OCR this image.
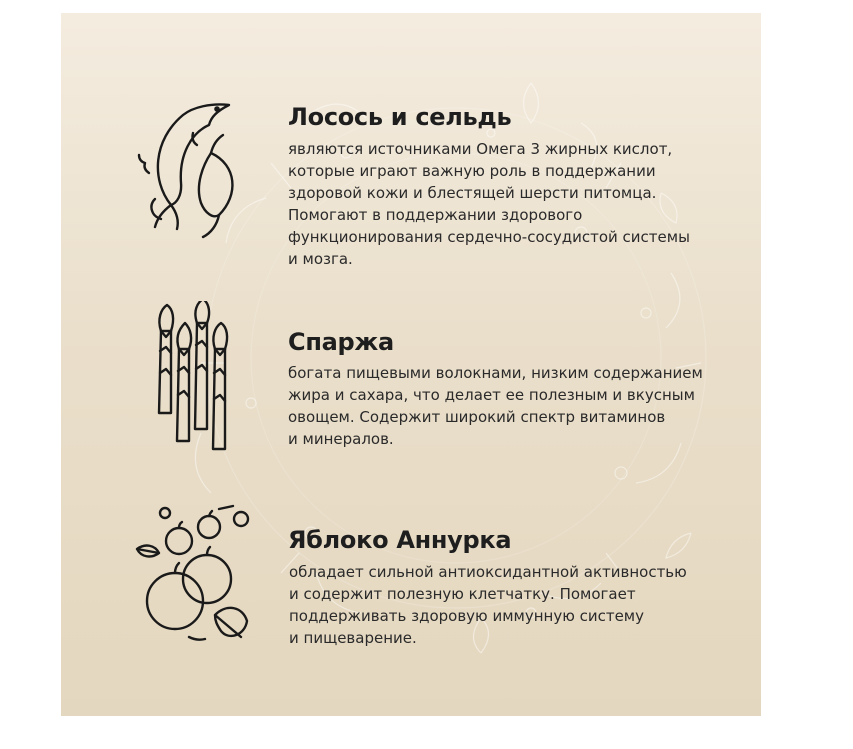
Лосось и сельдь

являются источниками Омега 3 жирных кислот,
которые играют важную роль в поддержании
здоровой кожи и блестящей шерсти питомца.
Помогают в поддержании здорового
функционирования сердечно-сосудистой системы
и мозга.

Спаржа

богата пищевыми волокнами, низким содержанием
жира и сахара, что делает ее полезным и вкусным
овощем. Содержит широкий спектр витаминов
и минералов.

Яблоко Аннурка

обладает сильной антиоксидантной активностью
и содержит полезную клетчатку. Помогает
поддерживать здоровую иммунную систему
и пищеварение.
